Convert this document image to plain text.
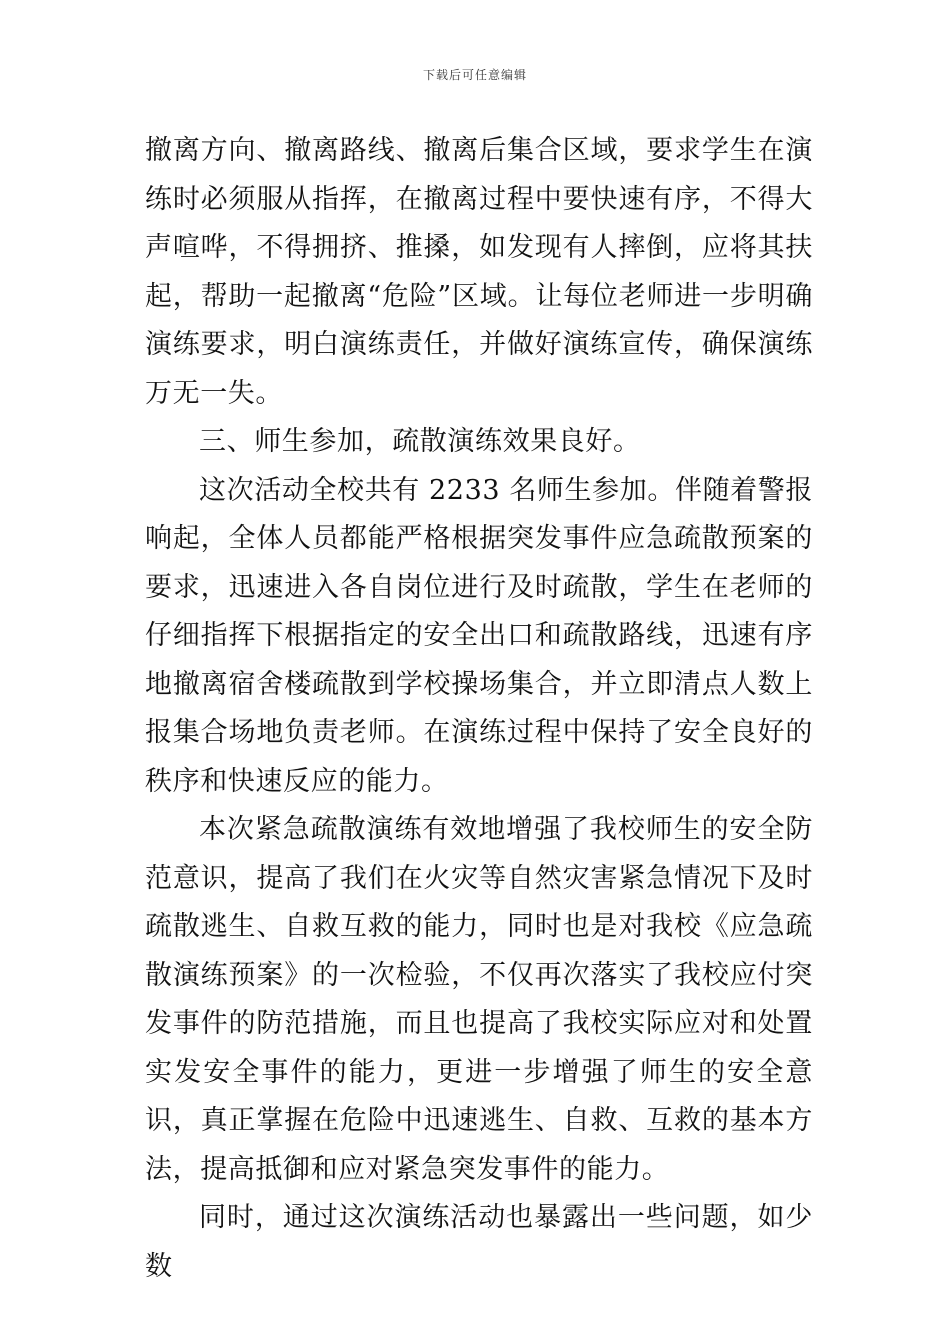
下载后可任意编辑

撤离方向、撤离路线、撤离后集合区域，要求学生在演练时必须服从指挥，在撤离过程中要快速有序，不得大声喧哗，不得拥挤、推搡，如发现有人摔倒，应将其扶起，帮助一起撤离“危险”区域。让每位老师进一步明确演练要求，明白演练责任，并做好演练宣传，确保演练万无一失。

三、师生参加，疏散演练效果良好。

这次活动全校共有 2233 名师生参加。伴随着警报响起，全体人员都能严格根据突发事件应急疏散预案的要求，迅速进入各自岗位进行及时疏散，学生在老师的仔细指挥下根据指定的安全出口和疏散路线，迅速有序地撤离宿舍楼疏散到学校操场集合，并立即清点人数上报集合场地负责老师。在演练过程中保持了安全良好的秩序和快速反应的能力。

本次紧急疏散演练有效地增强了我校师生的安全防范意识，提高了我们在火灾等自然灾害紧急情况下及时疏散逃生、自救互救的能力，同时也是对我校《应急疏散演练预案》的一次检验，不仅再次落实了我校应付突发事件的防范措施，而且也提高了我校实际应对和处置实发安全事件的能力，更进一步增强了师生的安全意识，真正掌握在危险中迅速逃生、自救、互救的基本方法，提高抵御和应对紧急突发事件的能力。

同时，通过这次演练活动也暴露出一些问题，如少数
